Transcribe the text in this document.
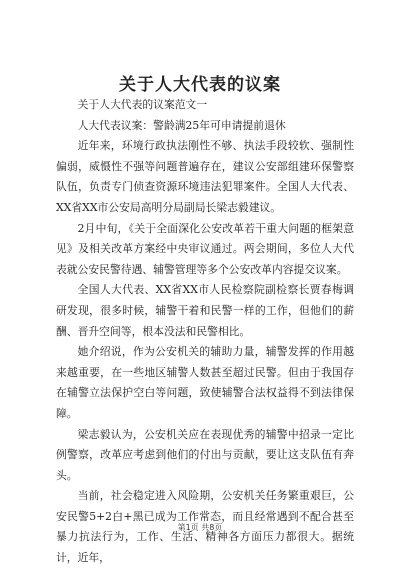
关于人大代表的议案

关于人大代表的议案范文一

人大代表议案：警龄满25年可申请提前退休

近年来，环境行政执法刚性不够、执法手段较软、强制性偏弱，威慑性不强等问题普遍存在，建议公安部组建环保警察队伍，负责专门侦查资源环境违法犯罪案件。全国人大代表、XX省XX市公安局高明分局副局长梁志毅建议。

2月中旬，《关于全面深化公安改革若干重大问题的框架意见》及相关改革方案经中央审议通过。两会期间，多位人大代表就公安民警待遇、辅警管理等多个公安改革内容提交议案。

全国人大代表、XX省XX市人民检察院副检察长贾春梅调研发现，很多时候，辅警干着和民警一样的工作，但他们的薪酬、晋升空间等，根本没法和民警相比。

她介绍说，作为公安机关的辅助力量，辅警发挥的作用越来越重要，在一些地区辅警人数甚至超过民警。但由于我国存在辅警立法保护空白等问题，致使辅警合法权益得不到法律保障。

梁志毅认为，公安机关应在表现优秀的辅警中招录一定比例警察，改革应考虑到他们的付出与贡献，要让这支队伍有奔头。

当前，社会稳定进入风险期，公安机关任务繁重艰巨，公安民警5+2白+黑已成为工作常态，而且经常遇到不配合甚至暴力抗法行为，工作、生活、精神各方面压力都很大。据统计，近年，

第1页 共8页
